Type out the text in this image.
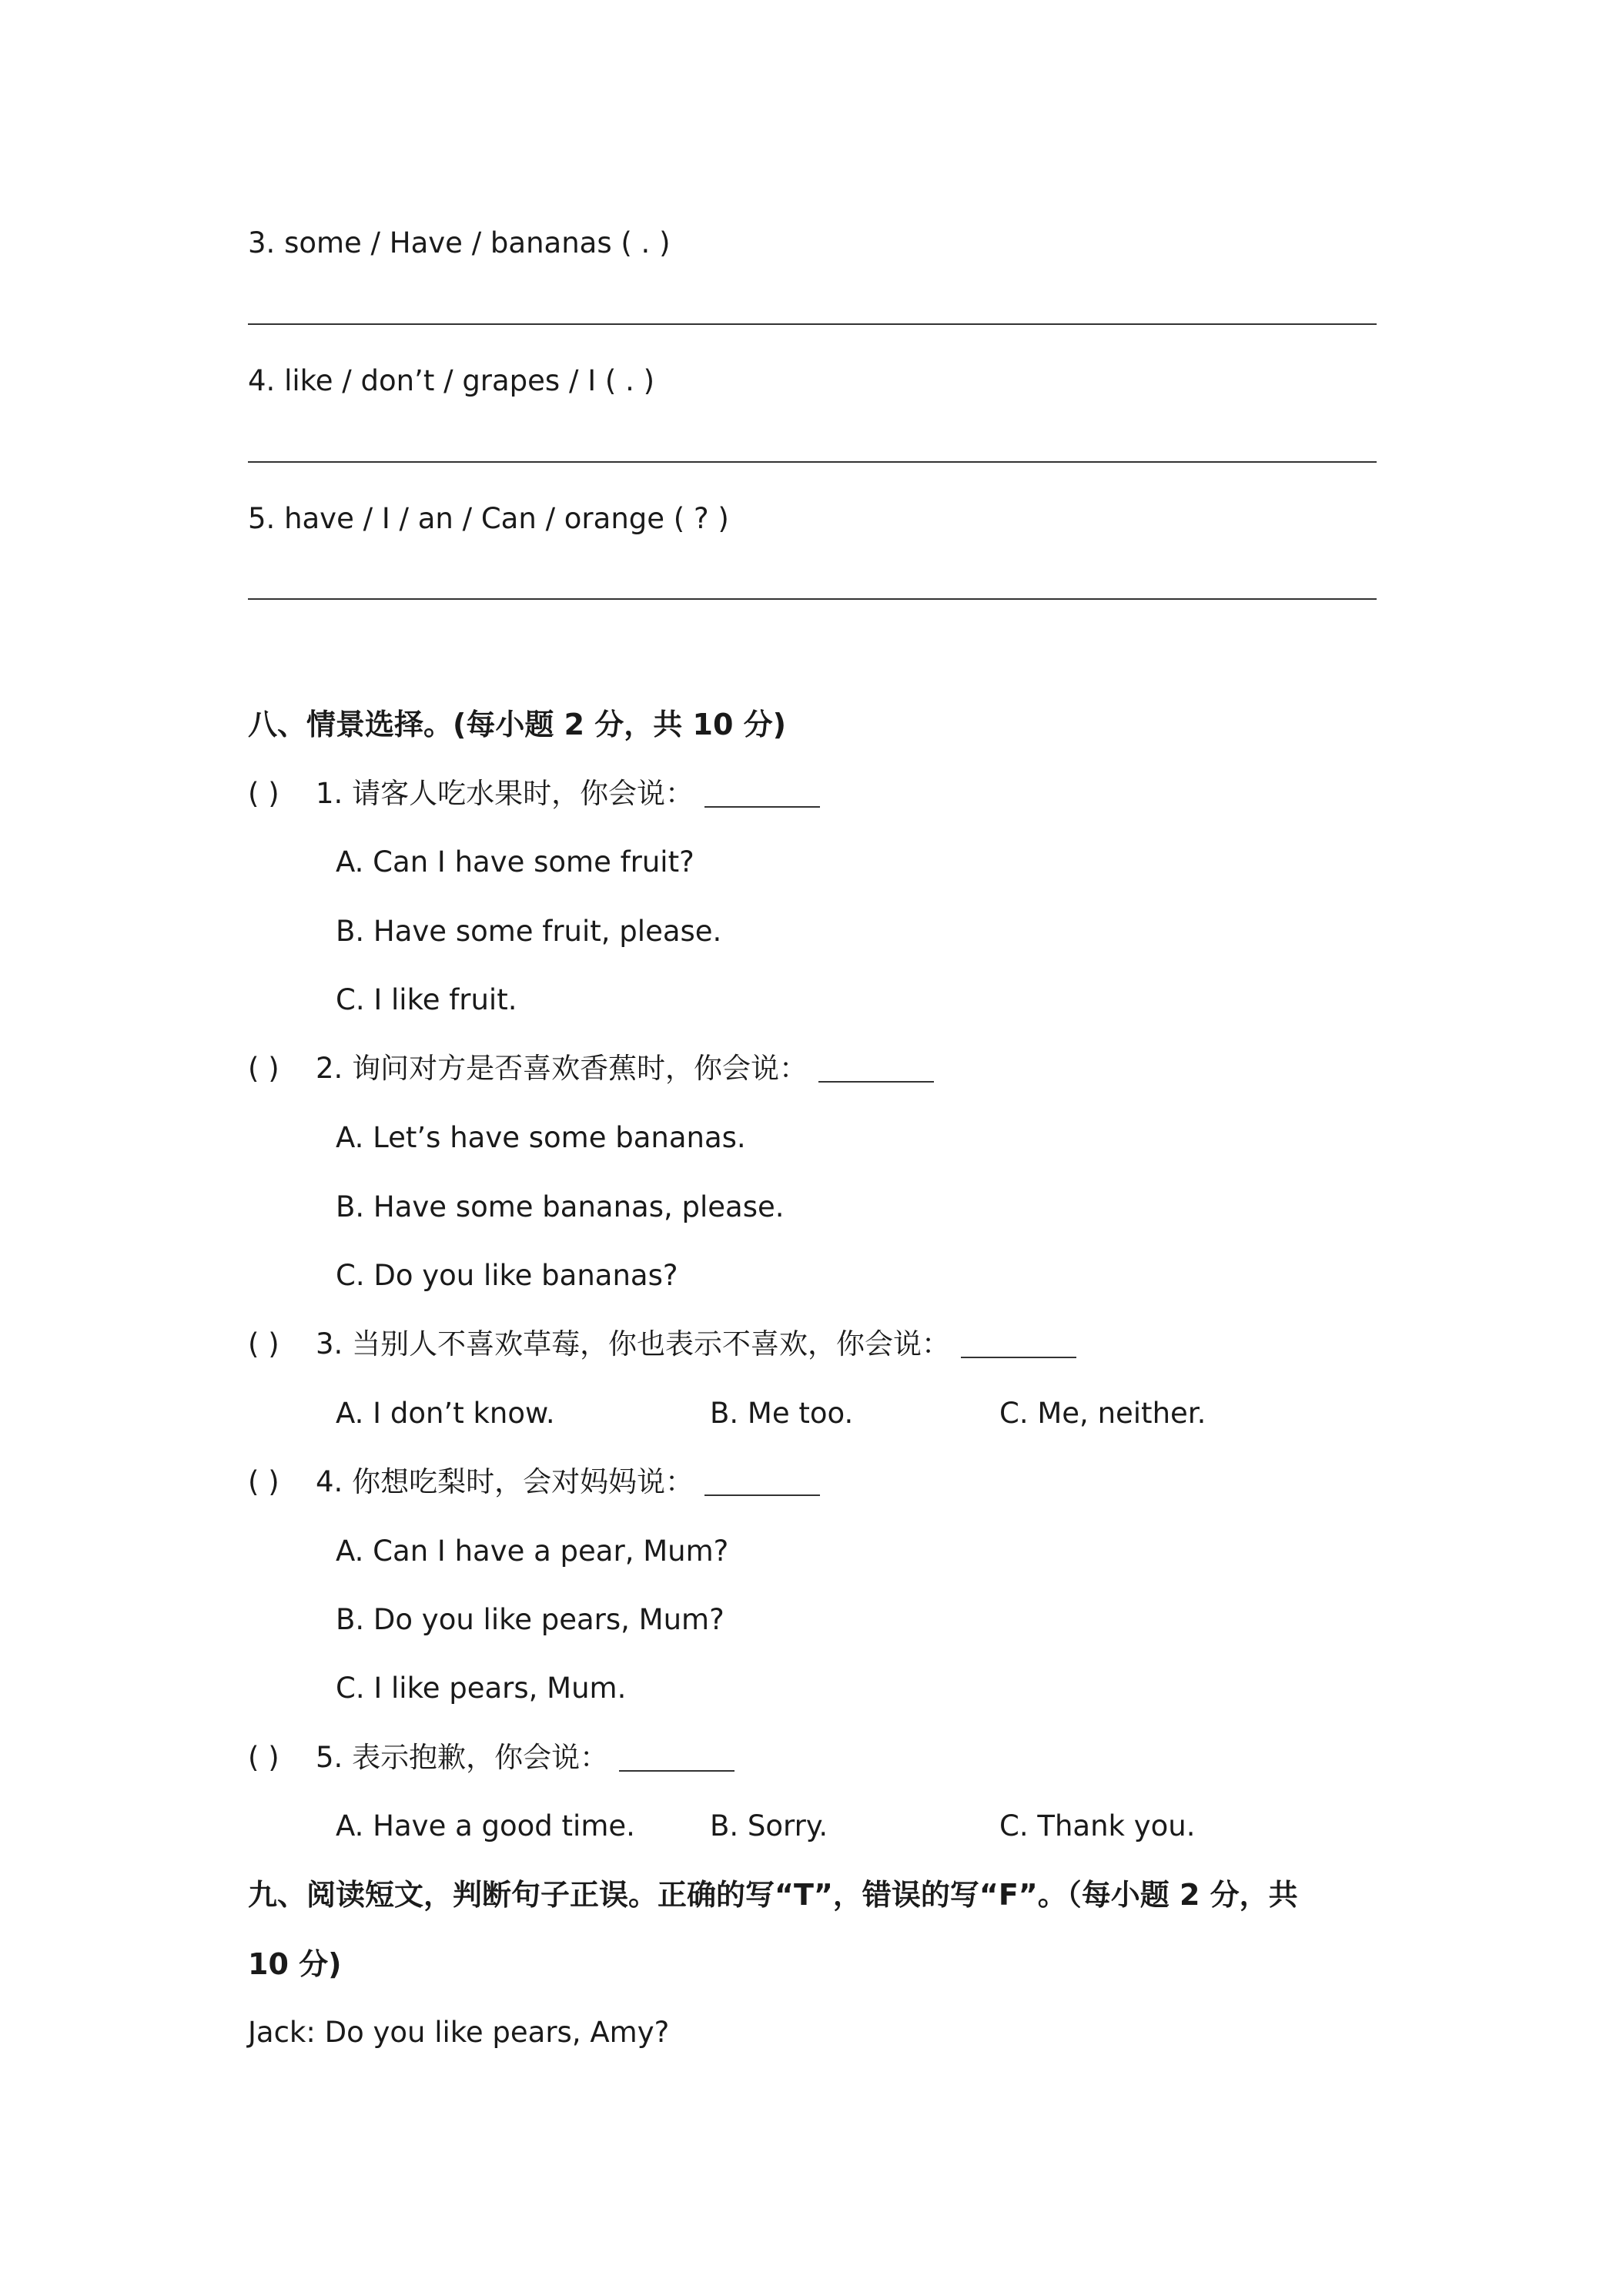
3. some / Have / bananas ( . )
4. like / don’t / grapes / I ( . )
5. have / I / an / Can / orange ( ? )
八、情景选择。(每小题 2 分，共 10 分)
( ) 1. 请客人吃水果时，你会说：
A. Can I have some fruit?
B. Have some fruit, please.
C. I like fruit.
( ) 2. 询问对方是否喜欢香蕉时，你会说：
A. Let’s have some bananas.
B. Have some bananas, please.
C. Do you like bananas?
( ) 3. 当别人不喜欢草莓，你也表示不喜欢，你会说：
A. I don’t know.	B. Me too.	C. Me, neither.
( ) 4. 你想吃梨时，会对妈妈说：
A. Can I have a pear, Mum?
B. Do you like pears, Mum?
C. I like pears, Mum.
( ) 5. 表示抱歉，你会说：
A. Have a good time.	B. Sorry.	C. Thank you.
九、阅读短文，判断句子正误。正确的写“T”，错误的写“F”。（每小题 2 分，共
10 分)
Jack: Do you like pears, Amy?
